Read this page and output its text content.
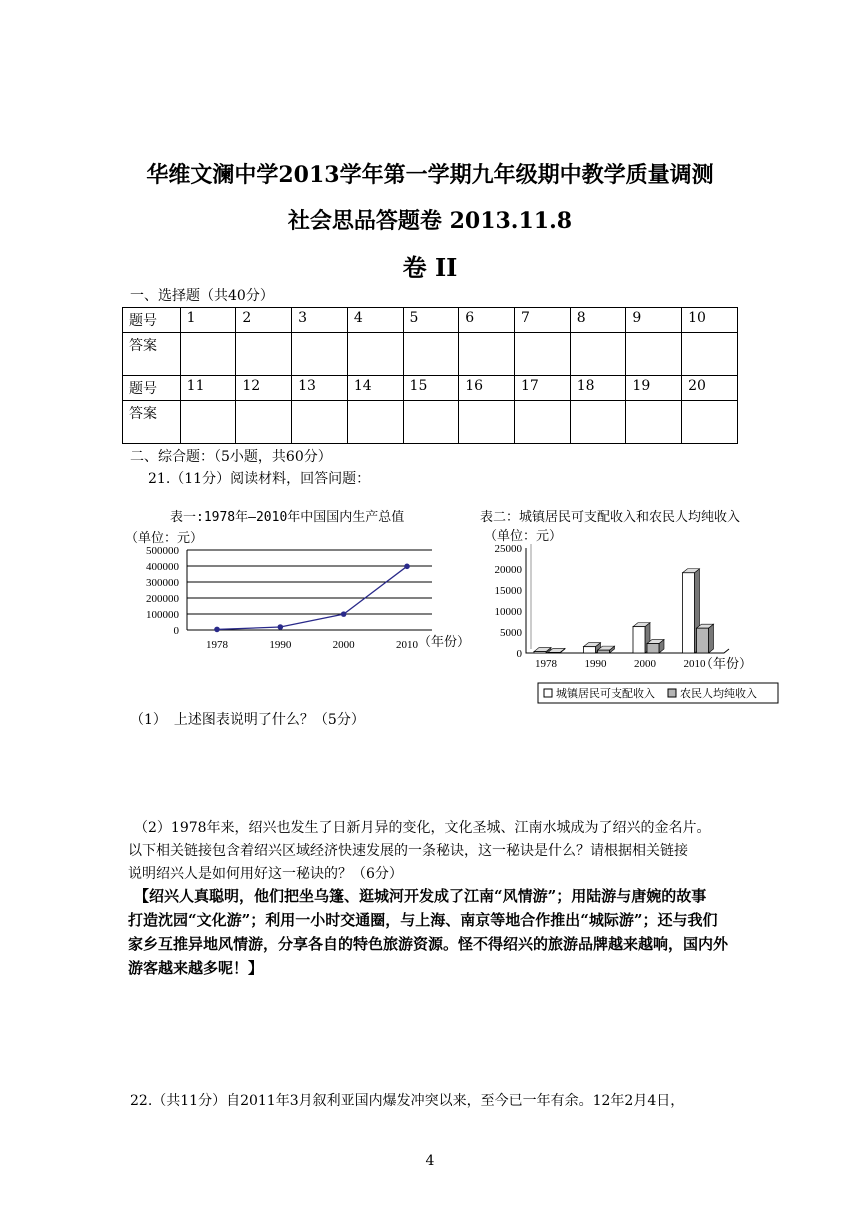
华维文澜中学2013学年第一学期九年级期中教学质量调测
社会思品答题卷 2013.11.8
卷 II
一、选择题（共40分）
题号	1	2	3	4	5	6	7	8	9	10
答案										
题号	11	12	13	14	15	16	17	18	19	20
答案										
二、综合题：（5小题，共60分）
21.（11分）阅读材料，回答问题：
表一:1978年—2010年中国国内生产总值
（单位：元）
500000
400000
300000
200000
100000
0
1978	1990	2000	2010 （年份）
表二：城镇居民可支配收入和农民人均纯收入
（单位：元）
25000
20000
15000
10000
5000
0
1978	1990	2000	2010
（年份）
城镇居民可支配收入 农民人均纯收入
（1）　上述图表说明了什么？（5分）
（2）1978年来，绍兴也发生了日新月异的变化，文化圣城、江南水城成为了绍兴的金名片。
以下相关链接包含着绍兴区域经济快速发展的一条秘诀，这一秘诀是什么？请根据相关链接
说明绍兴人是如何用好这一秘诀的？（6分）
【绍兴人真聪明，他们把坐乌篷、逛城河开发成了江南“风情游”；用陆游与唐婉的故事
打造沈园“文化游”；利用一小时交通圈，与上海、南京等地合作推出“城际游”；还与我们
家乡互推异地风情游，分享各自的特色旅游资源。怪不得绍兴的旅游品牌越来越响，国内外
游客越来越多呢！】
22.（共11分）自2011年3月叙利亚国内爆发冲突以来，至今已一年有余。12年2月4日，
4
